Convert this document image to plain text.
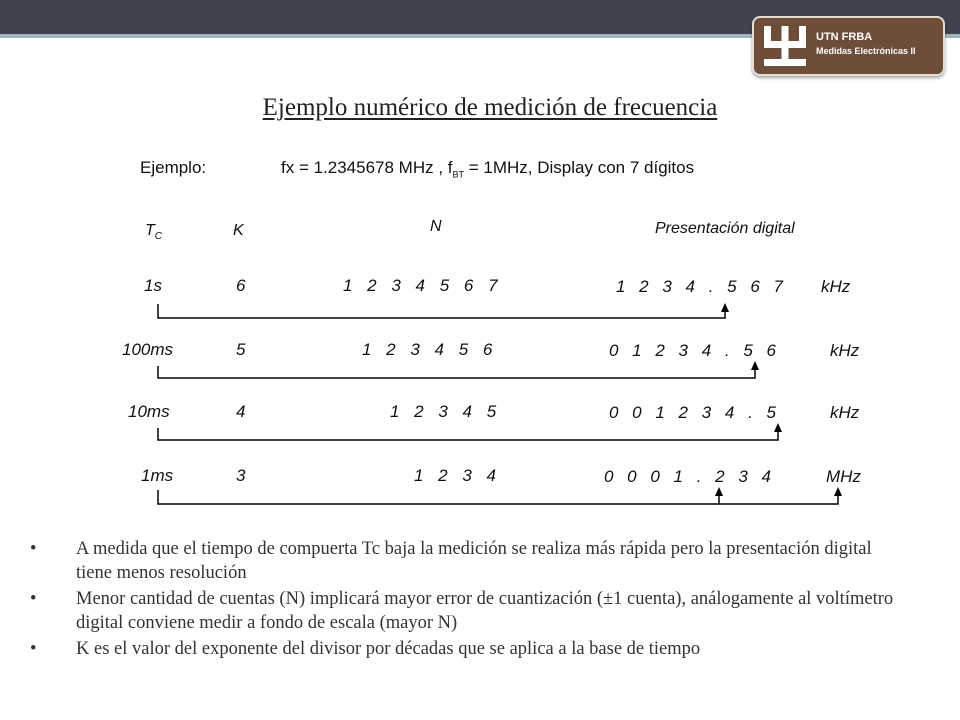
UTN FRBA
Medidas Electrónicas II
Ejemplo numérico de medición de frecuencia
Ejemplo:	fx = 1.2345678 MHz , $f_{BT} = 1MHz$, Display con 7 dígitos
$T_C$	K	N	Presentación digital
1s	6	1 2 3 4 5 6 7	1 2 3 4 . 5 6 7 kHz
100ms	5	1 2 3 4 5 6	0 1 2 3 4 . 5 6	kHz
10ms	4	1 2 3 4 5	0 0 1 2 3 4 . 5	kHz
1ms	3	1 2 3 4	0 0 0 1 . 2 3 4	MHz
• A medida que el tiempo de compuerta Tc baja la medición se realiza más rápida pero la presentación digital tiene menos resolución
• Menor cantidad de cuentas (N) implicará mayor error de cuantización (±1 cuenta), análogamente al voltímetro digital conviene medir a fondo de escala (mayor N)
• K es el valor del exponente del divisor por décadas que se aplica a la base de tiempo
